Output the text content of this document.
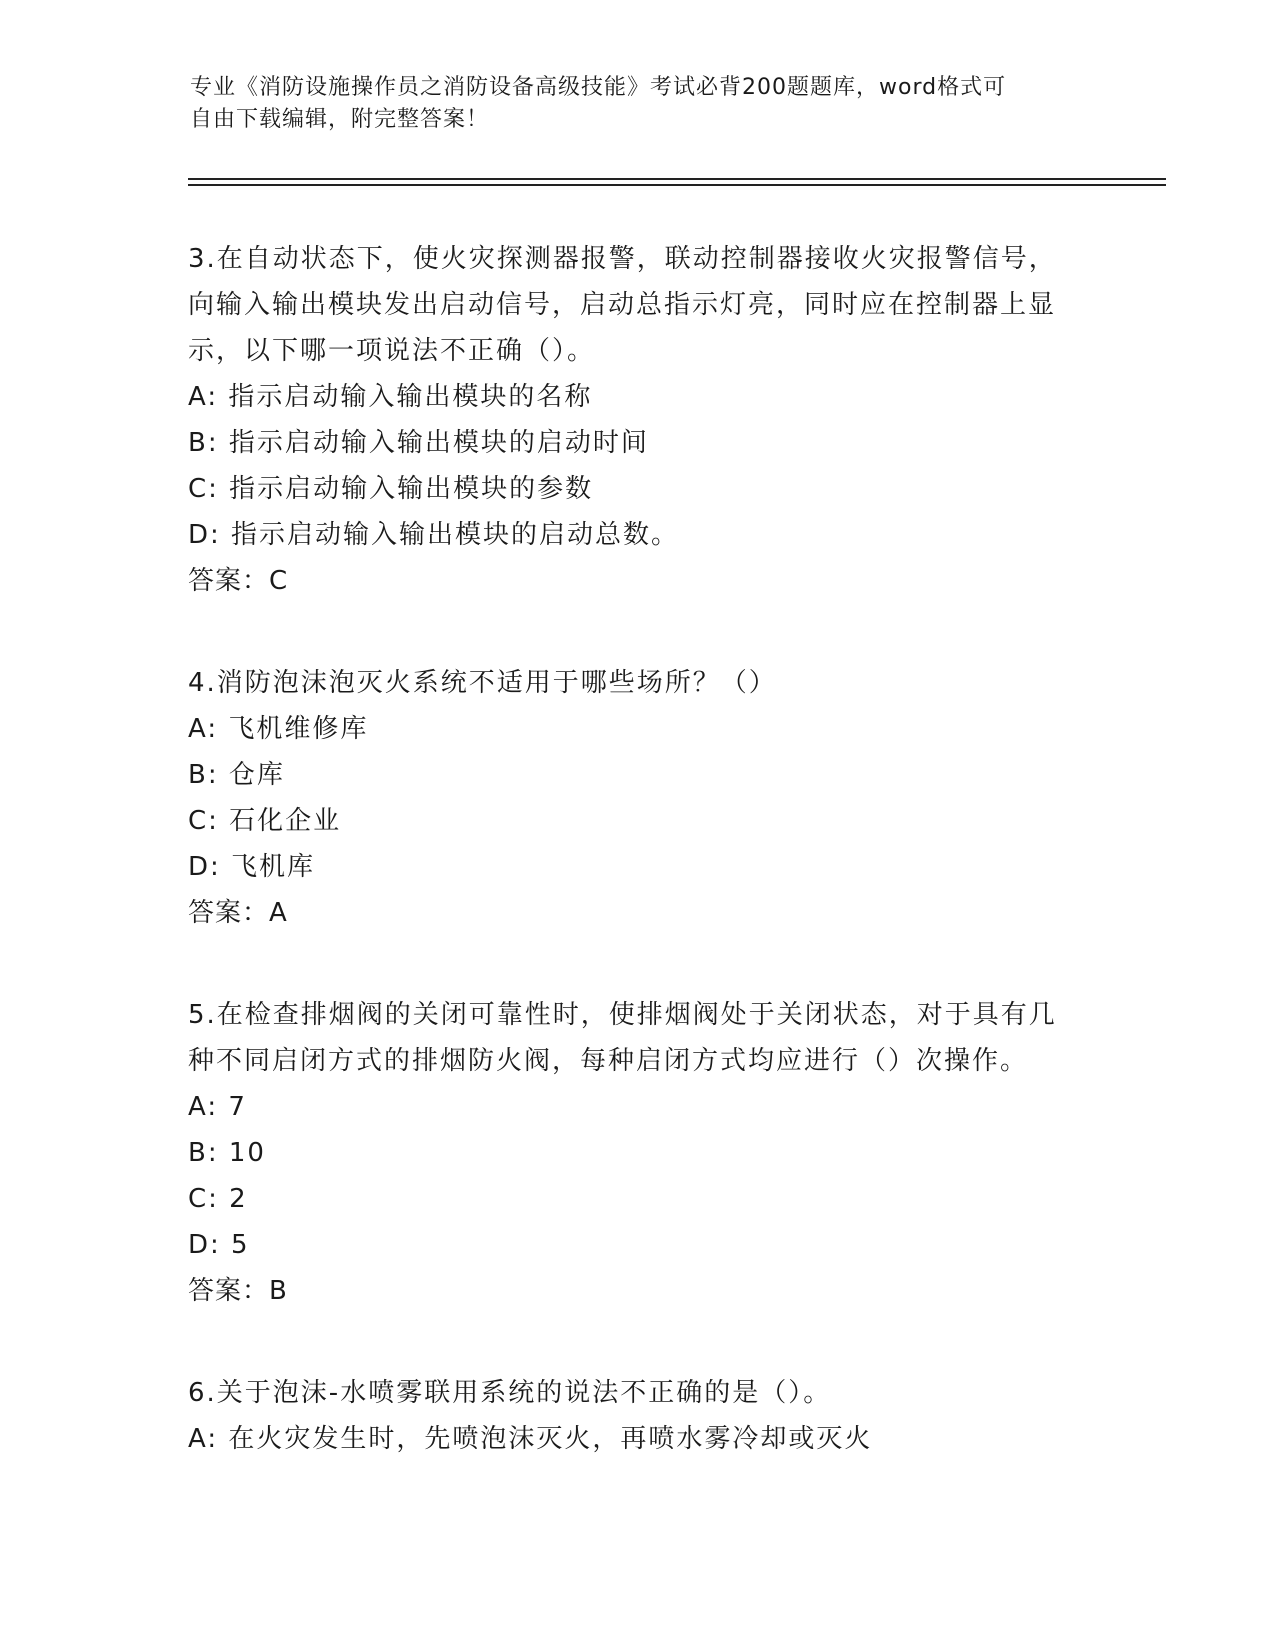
专业《消防设施操作员之消防设备高级技能》考试必背200题题库，word格式可
自由下载编辑，附完整答案！
3.在自动状态下，使火灾探测器报警，联动控制器接收火灾报警信号，向输入输出模块发出启动信号，启动总指示灯亮，同时应在控制器上显示，以下哪一项说法不正确（）。
A: 指示启动输入输出模块的名称
B: 指示启动输入输出模块的启动时间
C: 指示启动输入输出模块的参数
D: 指示启动输入输出模块的启动总数。
答案：C
4.消防泡沫泡灭火系统不适用于哪些场所？（）
A: 飞机维修库
B: 仓库
C: 石化企业
D: 飞机库
答案：A
5.在检查排烟阀的关闭可靠性时，使排烟阀处于关闭状态，对于具有几种不同启闭方式的排烟防火阀，每种启闭方式均应进行（）次操作。
A: 7
B: 10
C: 2
D: 5
答案：B
6.关于泡沫-水喷雾联用系统的说法不正确的是（）。
A: 在火灾发生时，先喷泡沫灭火，再喷水雾冷却或灭火
